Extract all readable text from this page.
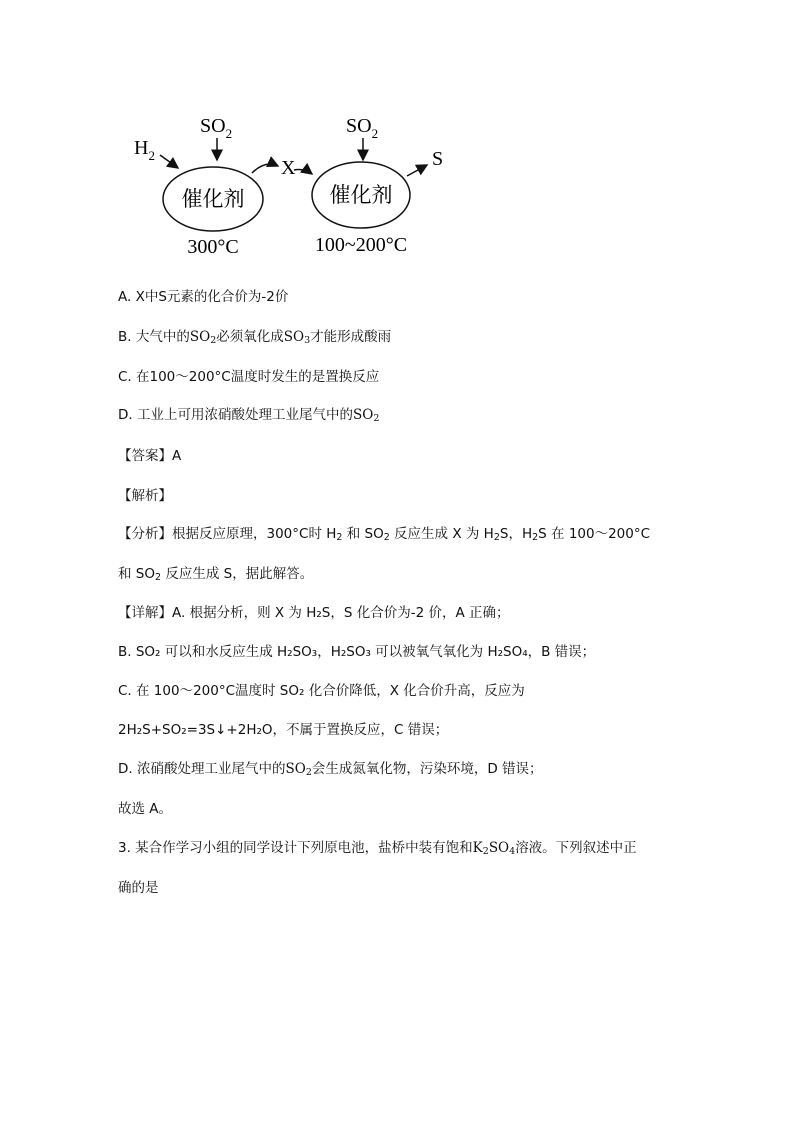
$H_2$
$SO_2$
催化剂
X
$SO_2$
催化剂
S
300°C	100~200°C
A. X中S元素的化合价为-2价
B. 大气中的$SO_2$必须氧化成$SO_3$才能形成酸雨
C. 在100～200°C温度时发生的是置换反应
D. 工业上可用浓硝酸处理工业尾气中的$SO_2$
【答案】A
【解析】
【分析】根据反应原理，300°C时 $H_2$ 和 $SO_2$ 反应生成 X 为 $H_2S$，$H_2S$ 在 100～200°C
和 $SO_2$ 反应生成 S，据此解答。
【详解】A. 根据分析，则 X 为 H₂S，S 化合价为-2 价，A 正确；
B. SO₂ 可以和水反应生成 H₂SO₃，H₂SO₃ 可以被氧气氧化为 H₂SO₄，B 错误；
C. 在 100～200°C温度时 SO₂ 化合价降低，X 化合价升高，反应为
2H₂S+SO₂=3S↓+2H₂O，不属于置换反应，C 错误；
D. 浓硝酸处理工业尾气中的$SO_2$会生成氮氧化物，污染环境，D 错误；
故选 A。
3. 某合作学习小组的同学设计下列原电池，盐桥中装有饱和$K_2SO_4$溶液。下列叙述中正
确的是
